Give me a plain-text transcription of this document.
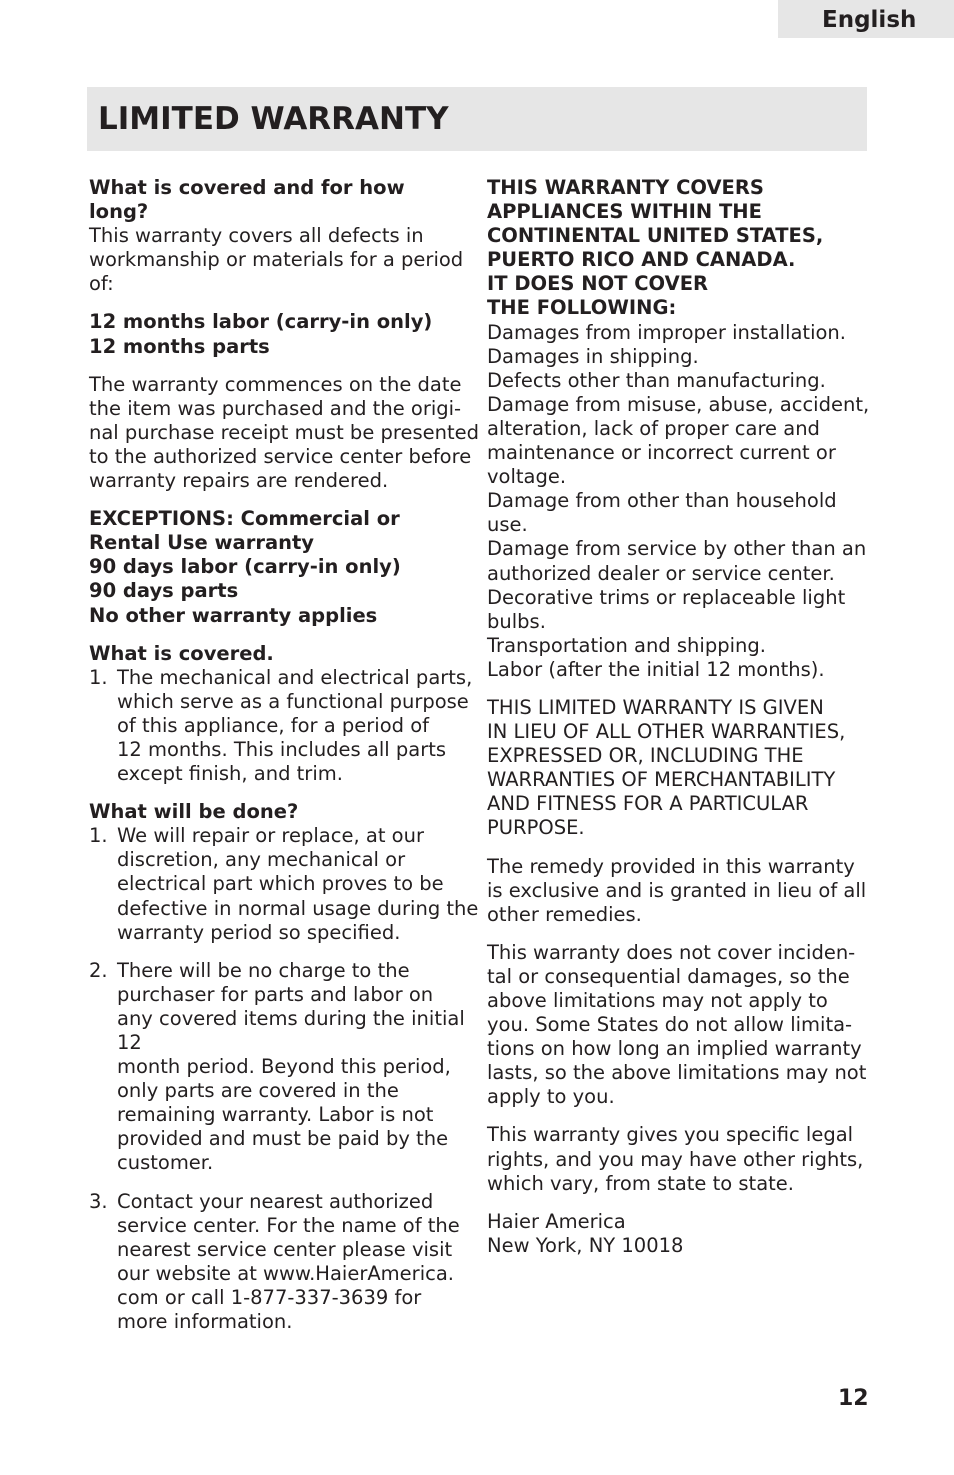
English
LIMITED WARRANTY

What is covered and for how
long?

This warranty covers all defects in
workmanship or materials for a period
of:

12 months labor (carry-in only)
12 months parts

The warranty commences on the date
the item was purchased and the origi-
nal purchase receipt must be presented
to the authorized service center before
warranty repairs are rendered.

EXCEPTIONS: Commercial or
Rental Use warranty
90 days labor (carry-in only)
90 days parts
No other warranty applies

What is covered.

1. The mechanical and electrical parts,
which serve as a functional purpose
of this appliance, for a period of
12 months. This includes all parts
except finish, and trim.

What will be done?

1. We will repair or replace, at our
discretion, any mechanical or
electrical part which proves to be
defective in normal usage during the
warranty period so specified.
2. There will be no charge to the
purchaser for parts and labor on
any covered items during the initial
12
month period. Beyond this period,
only parts are covered in the
remaining warranty. Labor is not
provided and must be paid by the
customer.
3. Contact your nearest authorized
service center. For the name of the
nearest service center please visit
our website at www.HaierAmerica.
com or call 1-877-337-3639 for
more information.

THIS WARRANTY COVERS
APPLIANCES WITHIN THE
CONTINENTAL UNITED STATES,
PUERTO RICO AND CANADA.
IT DOES NOT COVER
THE FOLLOWING:

Damages from improper installation.
Damages in shipping.
Defects other than manufacturing.
Damage from misuse, abuse, accident,
alteration, lack of proper care and
maintenance or incorrect current or
voltage.
Damage from other than household
use.
Damage from service by other than an
authorized dealer or service center.
Decorative trims or replaceable light
bulbs.
Transportation and shipping.
Labor (after the initial 12 months).

THIS LIMITED WARRANTY IS GIVEN
IN LIEU OF ALL OTHER WARRANTIES,
EXPRESSED OR, INCLUDING THE
WARRANTIES OF MERCHANTABILITY
AND FITNESS FOR A PARTICULAR
PURPOSE.

The remedy provided in this warranty
is exclusive and is granted in lieu of all
other remedies.

This warranty does not cover inciden-
tal or consequential damages, so the
above limitations may not apply to
you. Some States do not allow limita-
tions on how long an implied warranty
lasts, so the above limitations may not
apply to you.

This warranty gives you specific legal
rights, and you may have other rights,
which vary, from state to state.

Haier America
New York, NY 10018

12
